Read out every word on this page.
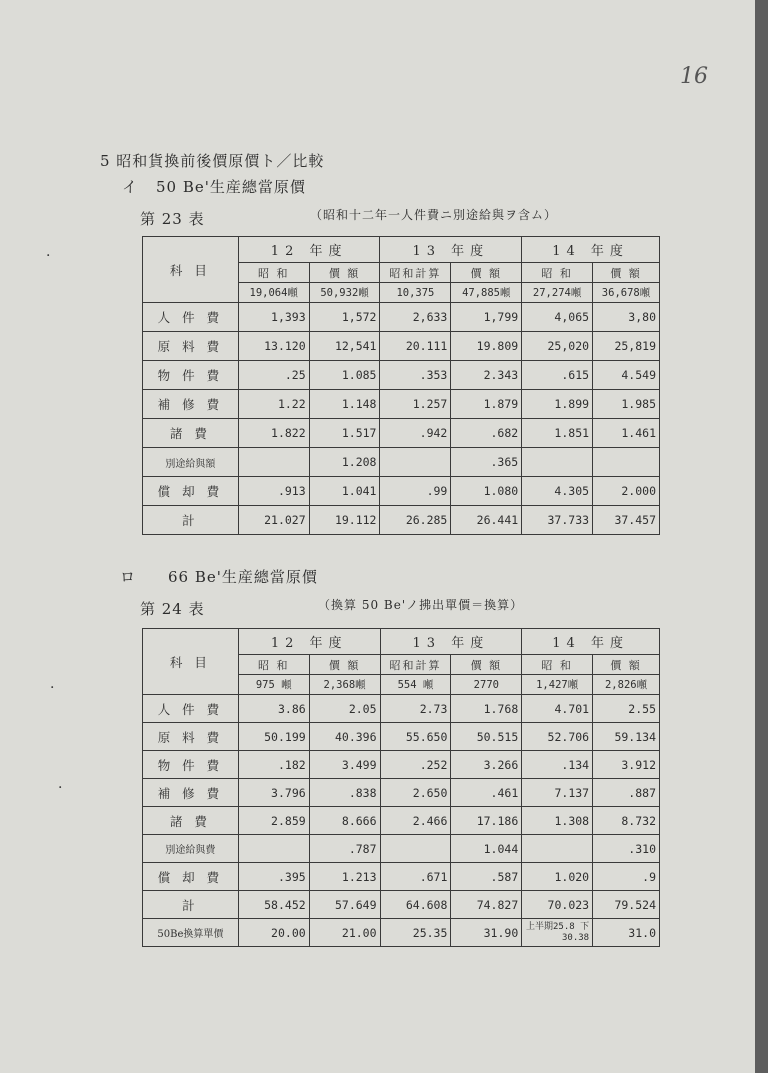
16
5 昭和貨換前後價原價ト／比較
イ 50 Be'生産總當原價
第 23 表	（昭和十二年一人件費ニ別途給與ヲ含ム）
科 目	12 年度		13 年度		14 年度	
	昭 和	價 額	昭和計算	價 額	昭 和	價 額
	19,064噸	50,932噸	10,375	47,885噸	27,274噸	36,678噸
人 件 費	1,393	1,572	2,633	1,799	4,065	3,80
原 料 費	13.120	12,541	20.111	19.809	25,020	25,819
物 件 費	.25	1.085	.353	2.343	.615	4.549
補 修 費	1.22	1.148	1.257	1.879	1.899	1.985
諸 費	1.822	1.517	.942	.682	1.851	1.461
別途給與額		1.208		.365		
償 却 費	.913	1.041	.99	1.080	4.305	2.000
計	21.027	19.112	26.285	26.441	37.733	37.457
ロ 66 Be'生産總當原價
第 24 表	（換算 50 Be'ノ拂出單價＝換算）
科 目	12 年度		13 年度		14 年度	
	昭 和	價 額	昭和計算	價 額	昭 和	價 額
	975 噸	2,368噸	554 噸	2770	1,427噸	2,826噸
人 件 費	3.86	2.05	2.73	1.768	4.701	2.55
原 料 費	50.199	40.396	55.650	50.515	52.706	59.134
物 件 費	.182	3.499	.252	3.266	.134	3.912
補 修 費	3.796	.838	2.650	.461	7.137	.887
諸 費	2.859	8.666	2.466	17.186	1.308	8.732
別途給與費		.787		1.044		.310
償 却 費	.395	1.213	.671	.587	1.020	.9
計	58.452	57.649	64.608	74.827	70.023	79.524
50Be換算單價	20.00	21.00	25.35	31.90	上半期25.8 下 30.38	31.0
·
·
·
